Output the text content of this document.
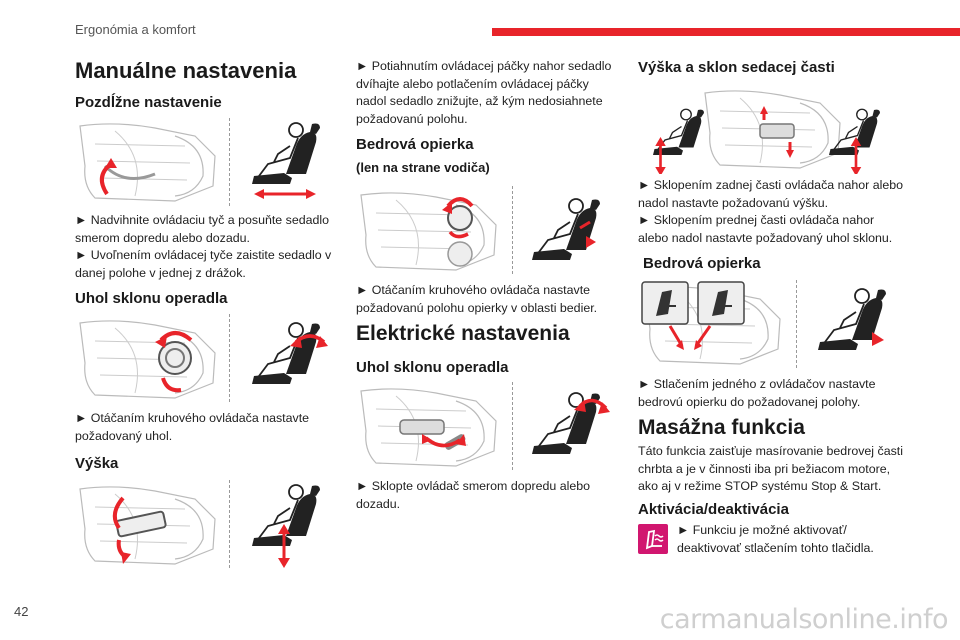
Ergonómia a komfort
Manuálne nastavenia
Pozdĺžne nastavenie

► Nadvihnite ovládaciu tyč a posuňte sedadlo
smerom dopredu alebo dozadu.
► Uvoľnením ovládacej tyče zaistite sedadlo v
danej polohe v jednej z drážok.

Uhol sklonu operadla

► Otáčaním kruhového ovládača nastavte
požadovaný uhol.

Výška

► Potiahnutím ovládacej páčky nahor sedadlo
dvíhajte alebo potlačením ovládacej páčky
nadol sedadlo znižujte, až kým nedosiahnete
požadovanú polohu.

Bedrová opierka
(len na strane vodiča)

► Otáčaním kruhového ovládača nastavte
požadovanú polohu opierky v oblasti bedier.

Elektrické nastavenia
Uhol sklonu operadla

► Sklopte ovládač smerom dopredu alebo
dozadu.

Výška a sklon sedacej časti

► Sklopením zadnej časti ovládača nahor alebo
nadol nastavte požadovanú výšku.
► Sklopením prednej časti ovládača nahor
alebo nadol nastavte požadovaný uhol sklonu.

Bedrová opierka

► Stlačením jedného z ovládačov nastavte
bedrovú opierku do požadovanej polohy.

Masážna funkcia

Táto funkcia zaisťuje masírovanie bedrovej časti
chrbta a je v činnosti iba pri bežiacom motore,
ako aj v režime STOP systému Stop & Start.

Aktivácia/deaktivácia

► Funkciu je možné aktivovať/
deaktivovať stlačením tohto tlačidla.

42	carmanualsonline.info
